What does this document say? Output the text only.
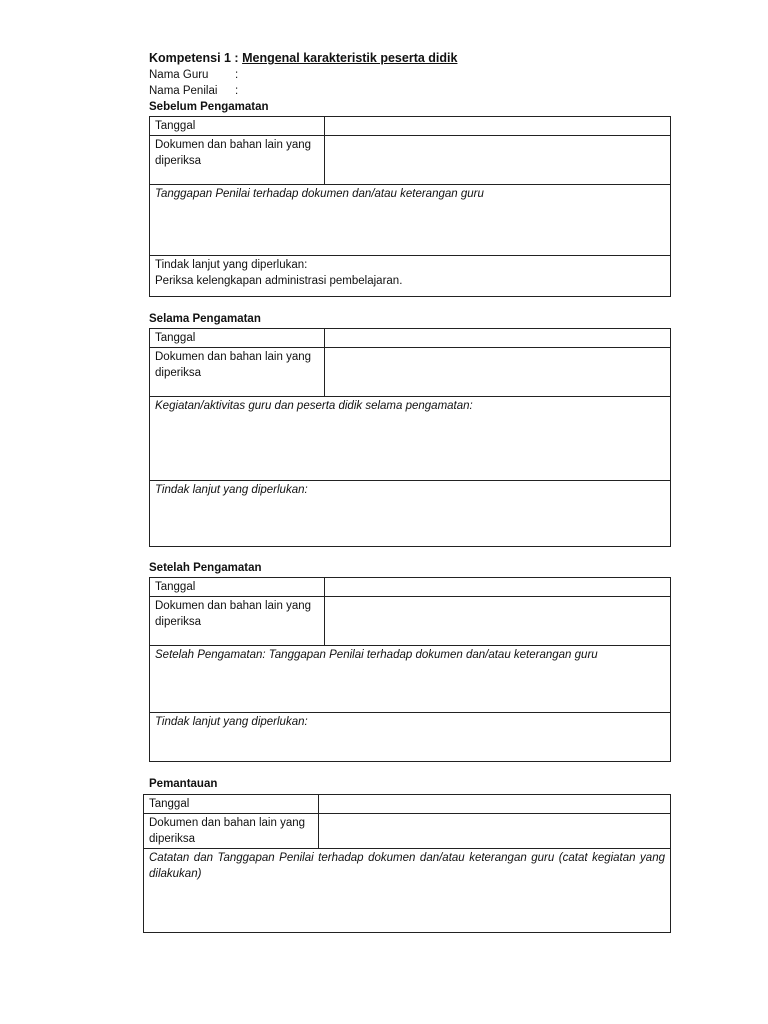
Kompetensi 1 : Mengenal karakteristik peserta didik
Nama Guru :
Nama Penilai :
Sebelum Pengamatan
Tanggal	
Dokumen dan bahan lain yang diperiksa	
Tanggapan Penilai terhadap dokumen dan/atau keterangan guru	

Tindak lanjut yang diperlukan:
Periksa kelengkapan administrasi pembelajaran.	
Selama Pengamatan
Tanggal	
Dokumen dan bahan lain yang diperiksa	
Kegiatan/aktivitas guru dan peserta didik selama pengamatan:	
Tindak lanjut yang diperlukan:	
Setelah Pengamatan
Tanggal	
Dokumen dan bahan lain yang diperiksa	
Setelah Pengamatan: Tanggapan Penilai terhadap dokumen dan/atau keterangan guru	
Tindak lanjut yang diperlukan:	
Pemantauan
Tanggal	
Dokumen dan bahan lain yang diperiksa	
Catatan dan Tanggapan Penilai terhadap dokumen dan/atau keterangan guru (catat kegiatan yang dilakukan)	
